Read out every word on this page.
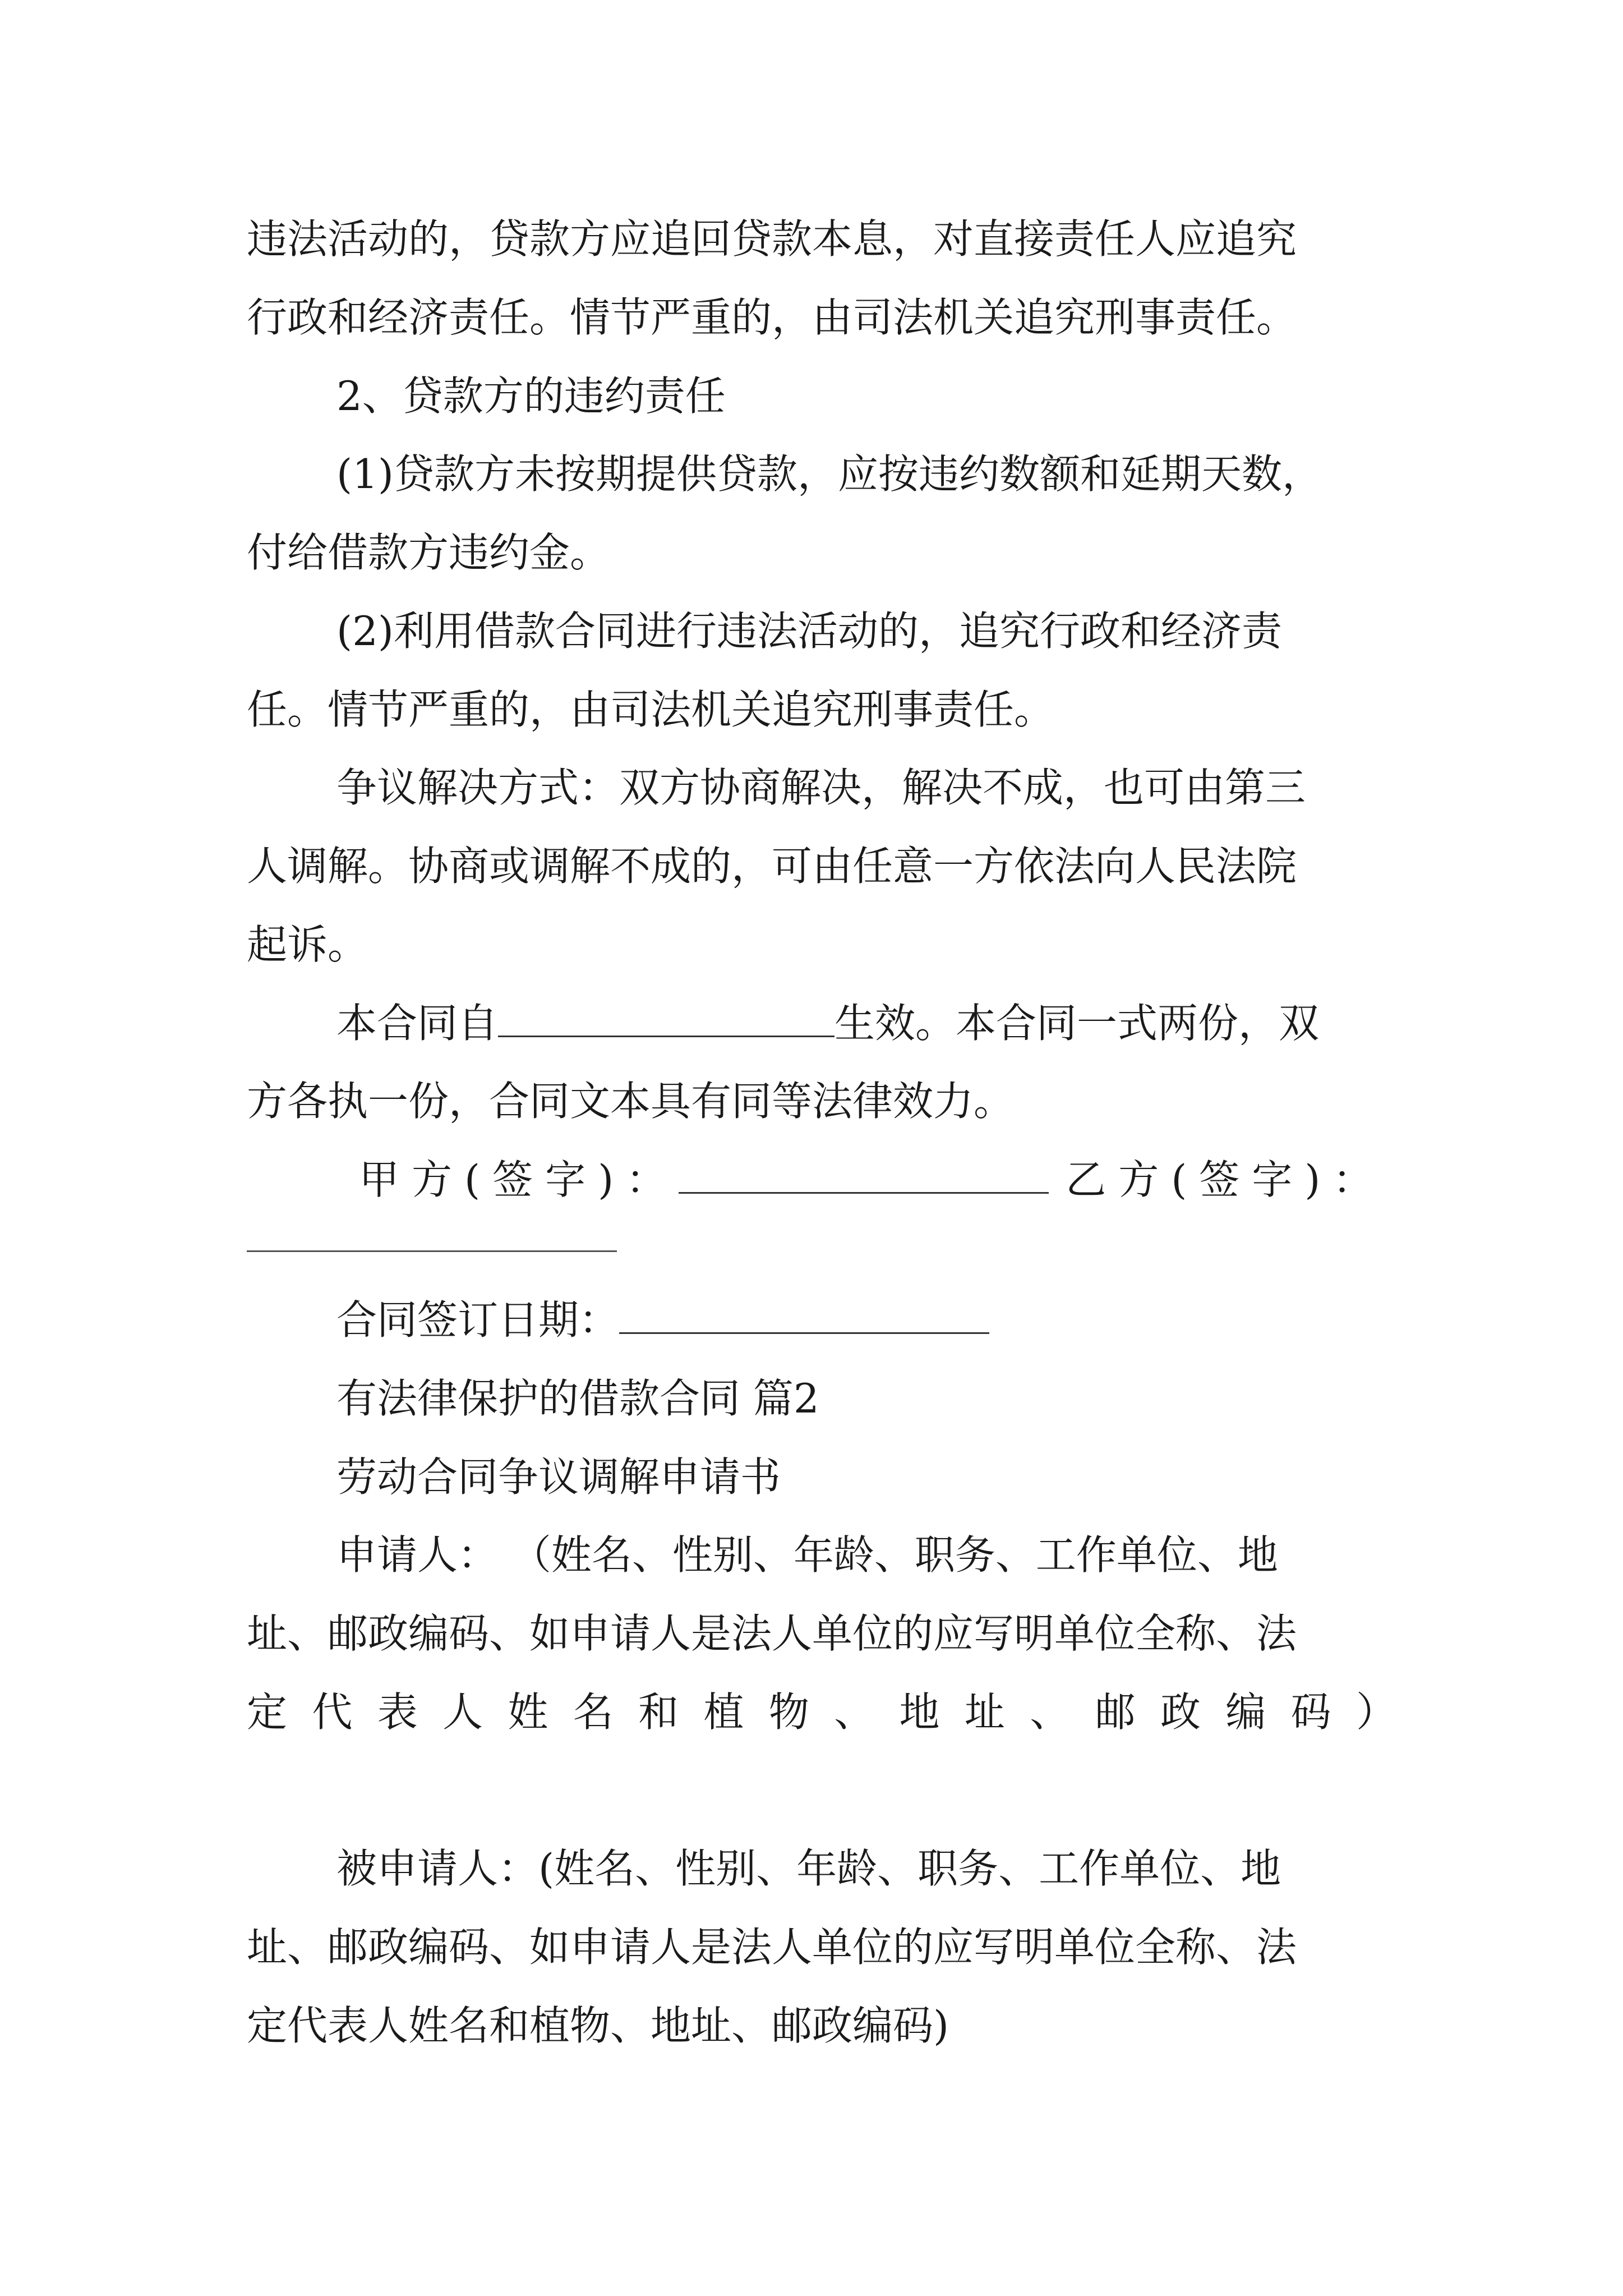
违法活动的，贷款方应追回贷款本息，对直接责任人应追究
行政和经济责任。情节严重的，由司法机关追究刑事责任。
2、贷款方的违约责任
(1)贷款方未按期提供贷款，应按违约数额和延期天数，
付给借款方违约金。
(2)利用借款合同进行违法活动的，追究行政和经济责
任。情节严重的，由司法机关追究刑事责任。
争议解决方式：双方协商解决，解决不成，也可由第三
人调解。协商或调解不成的，可由任意一方依法向人民法院
起诉。
本合同自	生效。本合同一式两份，双
方各执一份，合同文本具有同等法律效力。
甲方(签字)：	乙方(签字)：
合同签订日期：
有法律保护的借款合同 篇2
劳动合同争议调解申请书
申请人： （姓名、性别、年龄、职务、工作单位、地
址、邮政编码、如申请人是法人单位的应写明单位全称、法
定代表人姓名和植物、地址、邮政编码）
被申请人：(姓名、性别、年龄、职务、工作单位、地
址、邮政编码、如申请人是法人单位的应写明单位全称、法
定代表人姓名和植物、地址、邮政编码)
